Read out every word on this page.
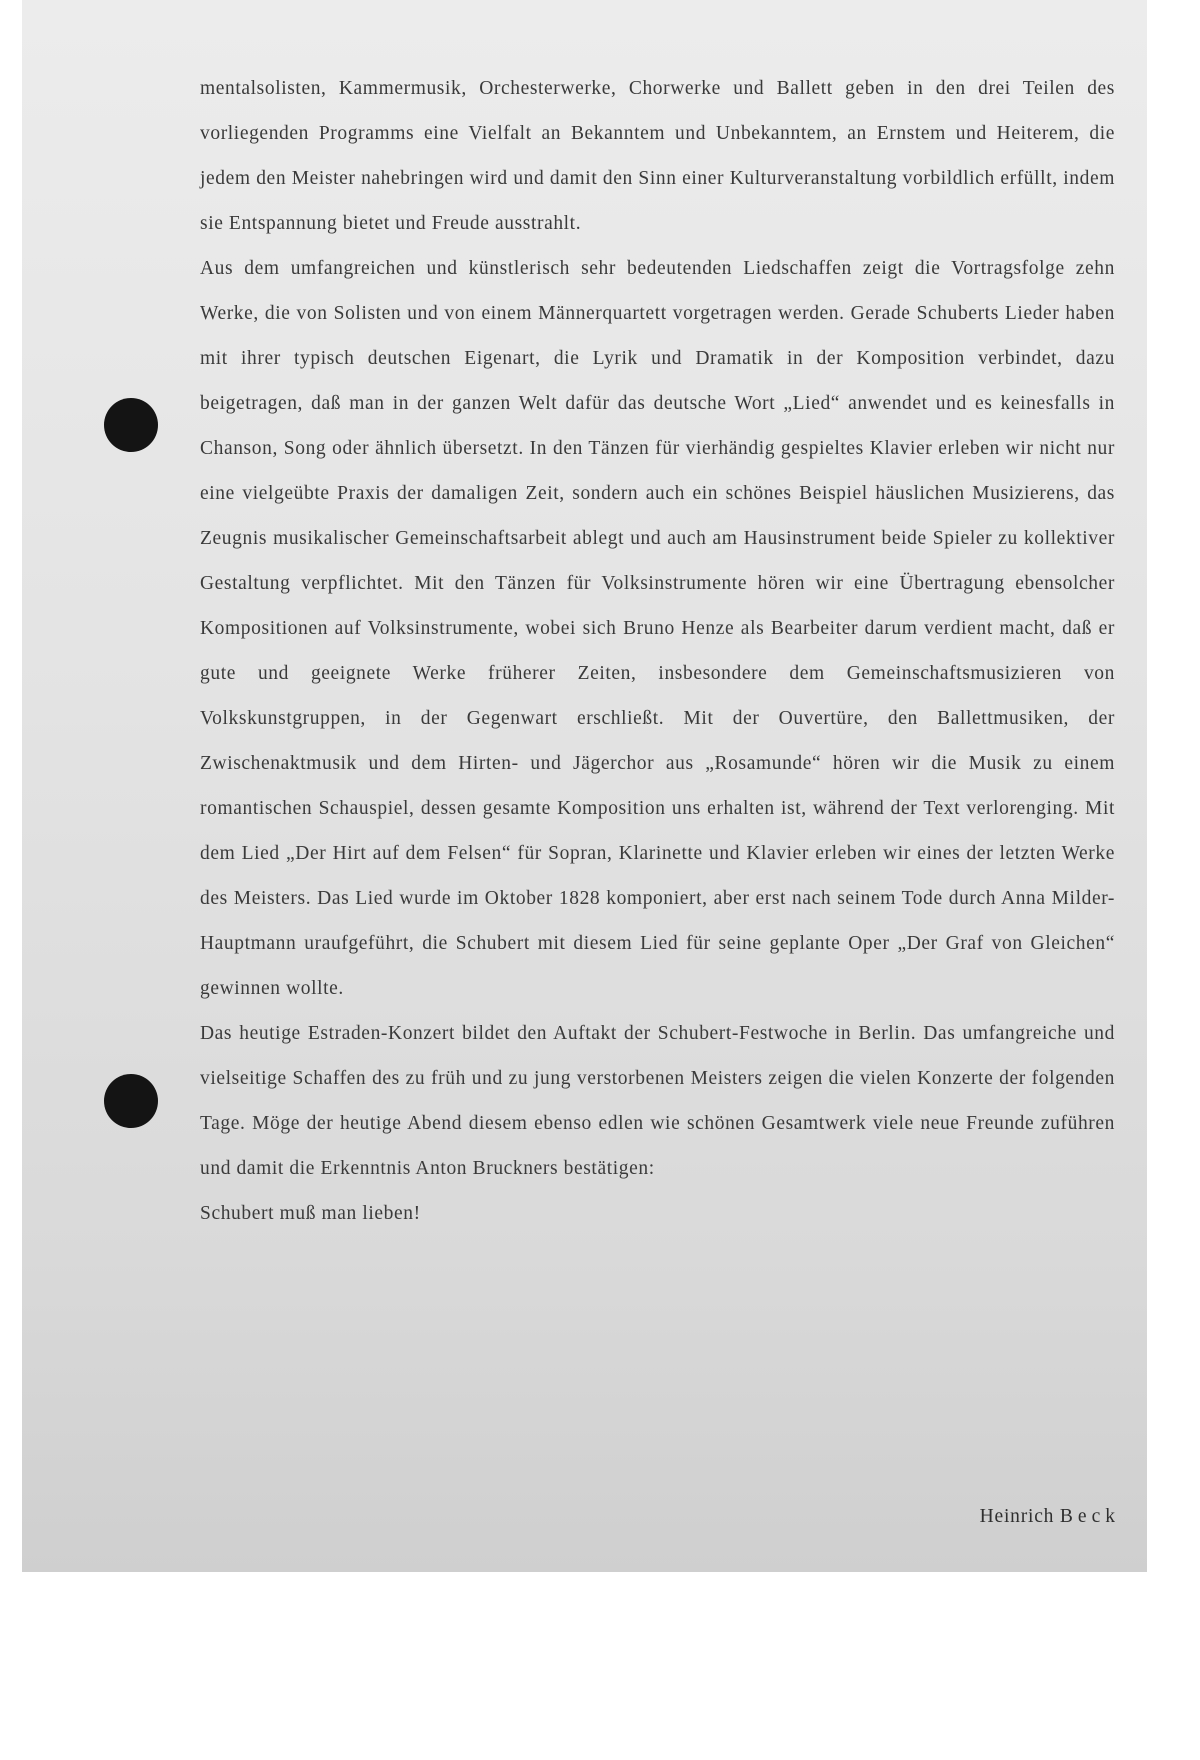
mentalsolisten, Kammermusik, Orchesterwerke, Chorwerke und Ballett geben in den drei Teilen des vorliegenden Programms eine Vielfalt an Bekanntem und Unbekanntem, an Ernstem und Heiterem, die jedem den Meister nahebringen wird und damit den Sinn einer Kulturveranstaltung vorbildlich erfüllt, indem sie Entspannung bietet und Freude ausstrahlt.

Aus dem umfangreichen und künstlerisch sehr bedeutenden Liedschaffen zeigt die Vortragsfolge zehn Werke, die von Solisten und von einem Männerquartett vorgetragen werden. Gerade Schuberts Lieder haben mit ihrer typisch deutschen Eigenart, die Lyrik und Dramatik in der Komposition verbindet, dazu beigetragen, daß man in der ganzen Welt dafür das deutsche Wort „Lied“ anwendet und es keinesfalls in Chanson, Song oder ähnlich übersetzt. In den Tänzen für vierhändig gespieltes Klavier erleben wir nicht nur eine vielgeübte Praxis der damaligen Zeit, sondern auch ein schönes Beispiel häuslichen Musizierens, das Zeugnis musikalischer Gemeinschaftsarbeit ablegt und auch am Hausinstrument beide Spieler zu kollektiver Gestaltung verpflichtet. Mit den Tänzen für Volksinstrumente hören wir eine Übertragung ebensolcher Kompositionen auf Volksinstrumente, wobei sich Bruno Henze als Bearbeiter darum verdient macht, daß er gute und geeignete Werke früherer Zeiten, insbesondere dem Gemeinschaftsmusizieren von Volkskunstgruppen, in der Gegenwart erschließt. Mit der Ouvertüre, den Ballettmusiken, der Zwischenaktmusik und dem Hirten- und Jägerchor aus „Rosamunde“ hören wir die Musik zu einem romantischen Schauspiel, dessen gesamte Komposition uns erhalten ist, während der Text verlorenging. Mit dem Lied „Der Hirt auf dem Felsen“ für Sopran, Klarinette und Klavier erleben wir eines der letzten Werke des Meisters. Das Lied wurde im Oktober 1828 komponiert, aber erst nach seinem Tode durch Anna Milder-Hauptmann uraufgeführt, die Schubert mit diesem Lied für seine geplante Oper „Der Graf von Gleichen“ gewinnen wollte.

Das heutige Estraden-Konzert bildet den Auftakt der Schubert-Festwoche in Berlin. Das umfangreiche und vielseitige Schaffen des zu früh und zu jung verstorbenen Meisters zeigen die vielen Konzerte der folgenden Tage. Möge der heutige Abend diesem ebenso edlen wie schönen Gesamtwerk viele neue Freunde zuführen und damit die Erkenntnis Anton Bruckners bestätigen:

Schubert muß man lieben!

Heinrich Beck
